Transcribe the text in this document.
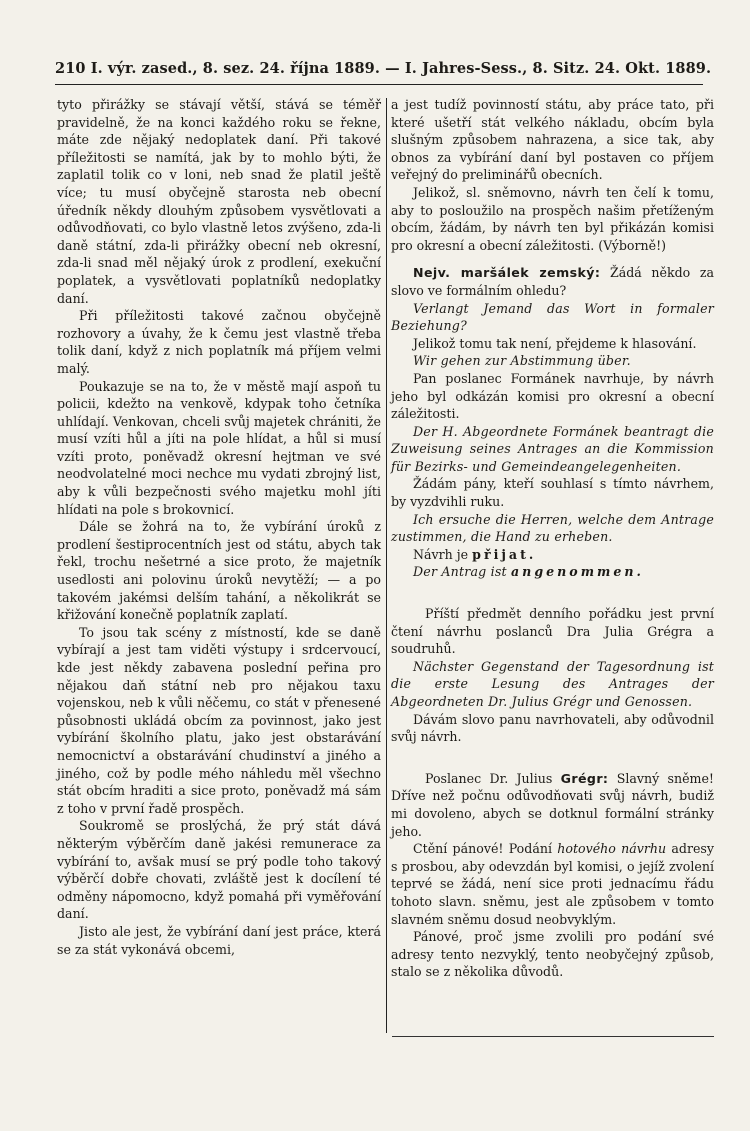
210 I. výr. zased., 8. sez. 24. října 1889. — I. Jahres-Sess., 8. Sitz. 24. Okt. 1889.

tyto přirážky se stávají větší, stává se téměř pravidelně, že na konci každého roku se řekne, máte zde nějaký nedoplatek daní. Při takové příležitosti se namítá, jak by to mohlo býti, že zaplatil tolik co v loni, neb snad že platil ještě více; tu musí obyčejně starosta neb obecní úředník někdy dlouhým způsobem vysvětlovati a odůvodňovati, co bylo vlastně letos zvýšeno, zda-li daně státní, zda-li přirážky obecní neb okresní, zda-li snad měl nějaký úrok z prodlení, exekuční poplatek, a vysvětlovati poplatníků nedoplatky daní.

Při příležitosti takové začnou obyčejně rozhovory a úvahy, že k čemu jest vlastně třeba tolik daní, když z nich poplatník má příjem velmi malý.

Poukazuje se na to, že v městě mají aspoň tu policii, kdežto na venkově, kdypak toho četníka uhlídají. Venkovan, chceli svůj majetek chrániti, že musí vzíti hůl a jíti na pole hlídat, a hůl si musí vzíti proto, poněvadž okresní hejtman ve své neodvolatelné moci nechce mu vydati zbrojný list, aby k vůli bezpečnosti svého majetku mohl jíti hlídati na pole s brokovnicí.

Dále se žohrá na to, že vybírání úroků z prodlení šestiprocentních jest od státu, abych tak řekl, trochu nešetrné a sice proto, že majetník usedlosti ani polovinu úroků nevytěží; — a po takovém jakémsi delším tahání, a několikrát se křižování konečně poplatník zaplatí.

To jsou tak scény z místností, kde se daně vybírají a jest tam viděti výstupy i srdcervoucí, kde jest někdy zabavena poslední peřina pro nějakou daň státní neb pro nějakou taxu vojenskou, neb k vůli něčemu, co stát v přenesené působnosti ukládá obcím za povinnost, jako jest vybírání školního platu, jako jest obstarávání nemocnictví a obstarávání chudinství a jiného a jiného, což by podle mého náhledu měl všechno stát obcím hraditi a sice proto, poněvadž má sám z toho v první řadě prospěch.

Soukromě se proslýchá, že prý stát dává některým výběrčím daně jakési remunerace za vybírání to, avšak musí se prý podle toho takový výběrčí dobře chovati, zvláště jest k docílení té odměny nápomocno, když pomahá při vyměřování daní.

Jisto ale jest, že vybírání daní jest práce, která se za stát vykonává obcemi,

a jest tudíž povinností státu, aby práce tato, při které ušetří stát velkého nákladu, obcím byla slušným způsobem nahrazena, a sice tak, aby obnos za vybírání daní byl postaven co příjem veřejný do preliminářů obecních.

Jelikož, sl. sněmovno, návrh ten čelí k tomu, aby to posloužilo na prospěch našim přetíženým obcím, žádám, by návrh ten byl přikázán komisi pro okresní a obecní záležitosti. (Výborně!)

Nejv. maršálek zemský: Žádá někdo za slovo ve formálním ohledu?

Verlangt Jemand das Wort in formaler Beziehung?

Jelikož tomu tak není, přejdeme k hlasování.

Wir gehen zur Abstimmung über.

Pan poslanec Formánek navrhuje, by návrh jeho byl odkázán komisi pro okresní a obecní záležitosti.

Der H. Abgeordnete Formánek beantragt die Zuweisung seines Antrages an die Kommission für Bezirks- und Gemeindeangelegenheiten.

Žádám pány, kteří souhlasí s tímto návrhem, by vyzdvihli ruku.

Ich ersuche die Herren, welche dem Antrage zustimmen, die Hand zu erheben.

Návrh je přijat.

Der Antrag ist angenommen.

Příští předmět denního pořádku jest první čtení návrhu poslanců Dra Julia Grégra a soudruhů.

Nächster Gegenstand der Tagesordnung ist die erste Lesung des Antrages der Abgeordneten Dr. Julius Grégr und Genossen.

Dávám slovo panu navrhovateli, aby odůvodnil svůj návrh.

Poslanec Dr. Julius Grégr: Slavný sněme! Dříve než počnu odůvodňovati svůj návrh, budiž mi dovoleno, abych se dotknul formální stránky jeho.

Ctění pánové! Podání hotového návrhu adresy s prosbou, aby odevzdán byl komisi, o jejíž zvolení teprvé se žádá, není sice proti jednacímu řádu tohoto slavn. sněmu, jest ale způsobem v tomto slavném sněmu dosud neobvyklým.

Pánové, proč jsme zvolili pro podání své adresy tento nezvyklý, tento neobyčejný způsob, stalo se z několika důvodů.
